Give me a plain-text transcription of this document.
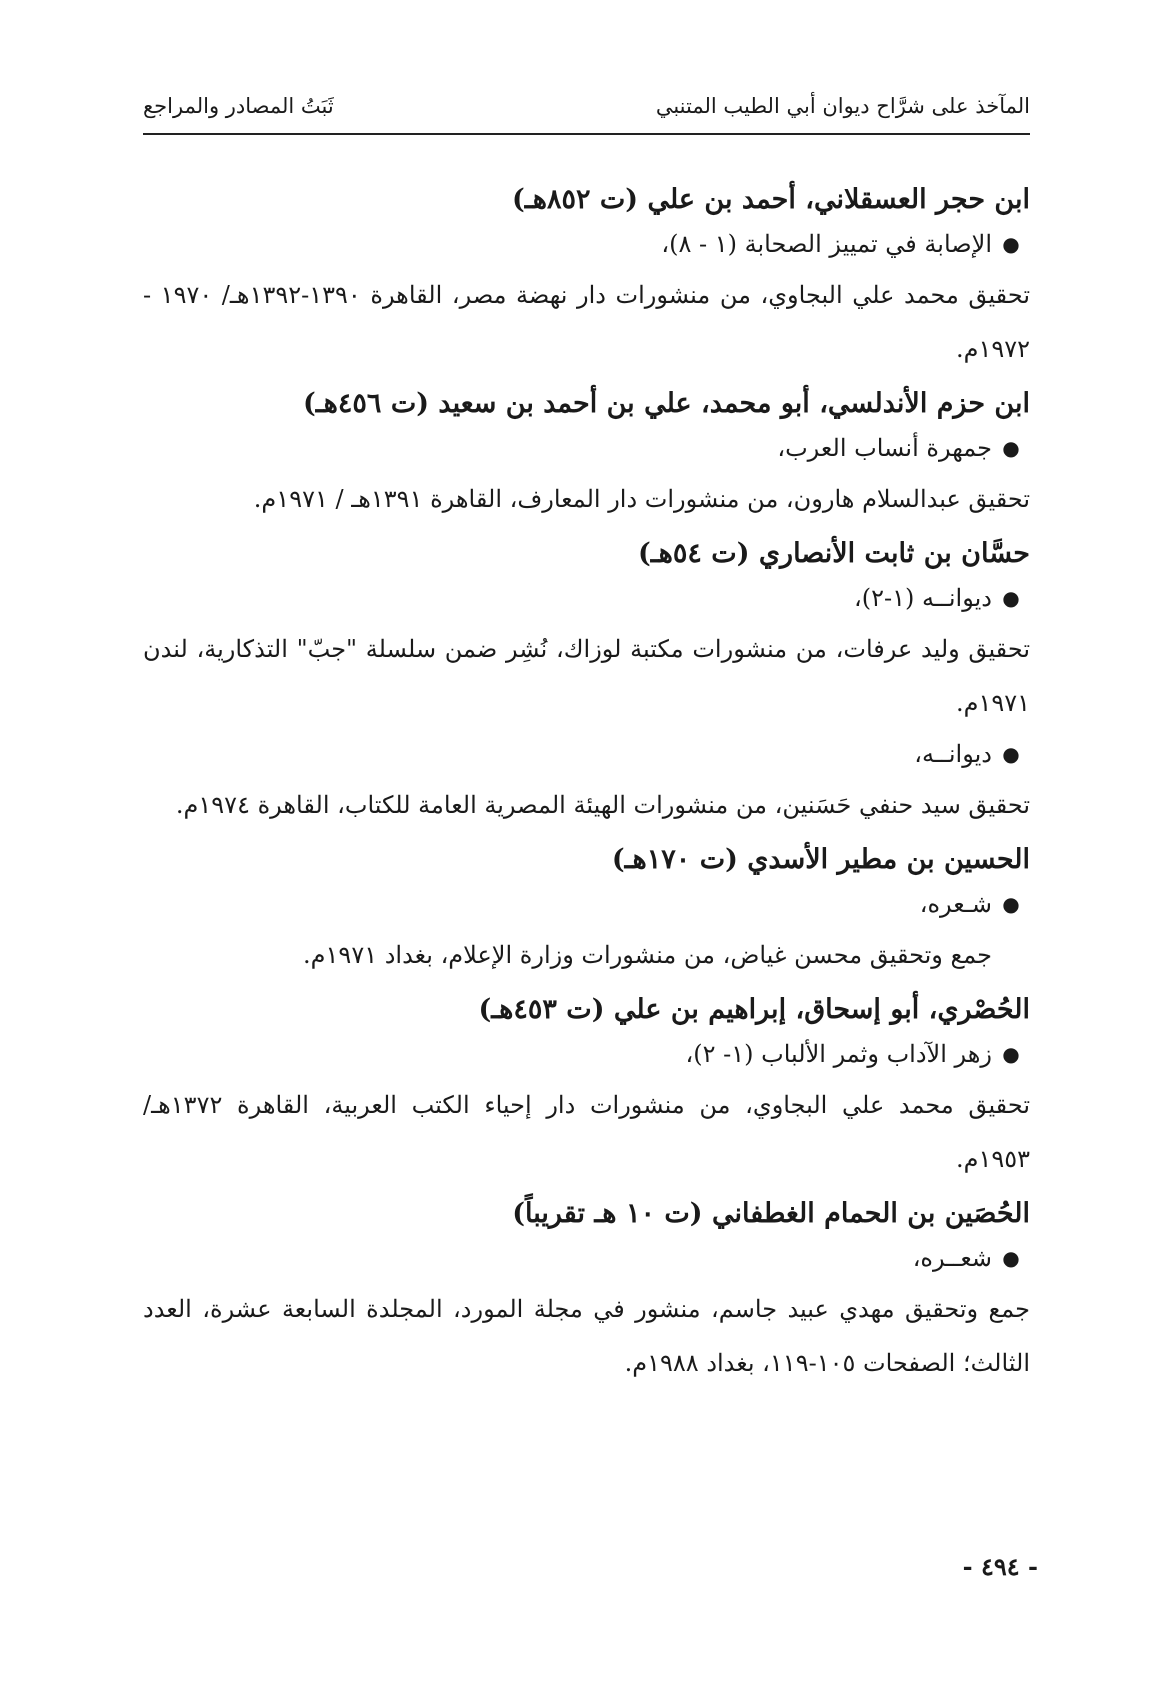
المآخذ على شرَّاح ديوان أبي الطيب المتنبي
ثَبَتُ المصادر والمراجع

ابن حجر العسقلاني، أحمد بن علي (ت ٨٥٢هـ)

●
الإصابة في تمييز الصحابة (١ - ٨)،

تحقيق محمد علي البجاوي، من منشورات دار نهضة مصر، القاهرة ١٣٩٠-١٣٩٢هـ/ ١٩٧٠ - ١٩٧٢م.

ابن حزم الأندلسي، أبو محمد، علي بن أحمد بن سعيد (ت ٤٥٦هـ)

●
جمهرة أنساب العرب،

تحقيق عبدالسلام هارون، من منشورات دار المعارف، القاهرة ١٣٩١هـ / ١٩٧١م.

حسَّان بن ثابت الأنصاري (ت ٥٤هـ)

●
ديوانــه (١-٢)،

تحقيق وليد عرفات، من منشورات مكتبة لوزاك، نُشِر ضمن سلسلة "جبّ" التذكارية، لندن ١٩٧١م.

●
ديوانــه،

تحقيق سيد حنفي حَسَنين، من منشورات الهيئة المصرية العامة للكتاب، القاهرة ١٩٧٤م.

الحسين بن مطير الأسدي (ت ١٧٠هـ)

●
شـعره،

جمع وتحقيق محسن غياض، من منشورات وزارة الإعلام، بغداد ١٩٧١م.

الحُصْري، أبو إسحاق، إبراهيم بن علي (ت ٤٥٣هـ)

●
زهر الآداب وثمر الألباب (١- ٢)،

تحقيق محمد علي البجاوي، من منشورات دار إحياء الكتب العربية، القاهرة ١٣٧٢هـ/ ١٩٥٣م.

الحُصَين بن الحمام الغطفاني (ت ١٠ هـ تقريباً)

●
شعــره،

جمع وتحقيق مهدي عبيد جاسم، منشور في مجلة المورد، المجلدة السابعة عشرة، العدد الثالث؛ الصفحات ١٠٥-١١٩، بغداد ١٩٨٨م.

- ٤٩٤ -
